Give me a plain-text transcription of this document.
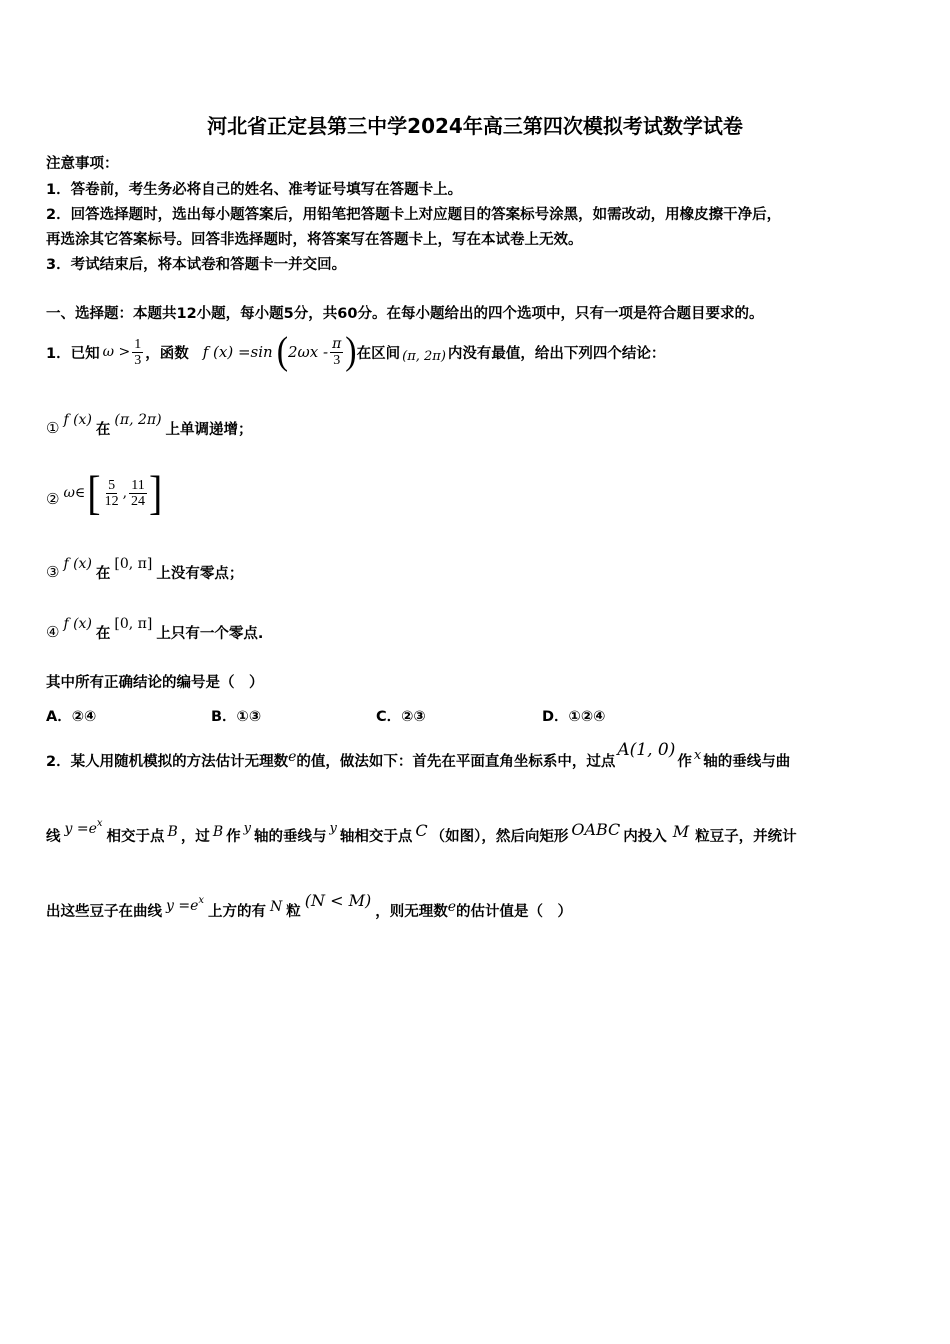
河北省正定县第三中学2024年高三第四次模拟考试数学试卷
注意事项：
1．答卷前，考生务必将自己的姓名、准考证号填写在答题卡上。
2．回答选择题时，选出每小题答案后，用铅笔把答题卡上对应题目的答案标号涂黑，如需改动，用橡皮擦干净后，
再选涂其它答案标号。回答非选择题时，将答案写在答题卡上，写在本试卷上无效。
3．考试结束后，将本试卷和答题卡一并交回。
一、选择题：本题共12小题，每小题5分，共60分。在每小题给出的四个选项中，只有一项是符合题目要求的。
1．已知 $\omega > \frac{1}{3}$ ，函数 f (x) =sin ( $2\omega x - \frac{\pi}{3}$ ) 在区间 (π, 2π) 内没有最值，给出下列四个结论：
① f (x)
在
(π, 2π)
上单调递增；
② ω∈ [ $\frac{5}{12}$ , $\frac{11}{24}$ ]
③ f (x)
在
[0, π]
上没有零点；
④ f (x)
在
[0, π]
上只有一个零点.
其中所有正确结论的编号是（　）
A．②④	B．①③	C．②③	D．①②④
2．某人用随机模拟的方法估计无理数 e 的值，做法如下：首先在平面直角坐标系中，过点
A(1, 0)
作 x 轴的垂线与曲
线 y =e x
相交于点 B ，过 B 作
y
轴的垂线与
y
轴相交于点 C （如图），然后向矩形 OABC 内投入 M 粒豆子，并统计
出这些豆子在曲线 y =e x
上方的有 N 粒
(N < M)
，则无理数 e 的估计值是（　）
